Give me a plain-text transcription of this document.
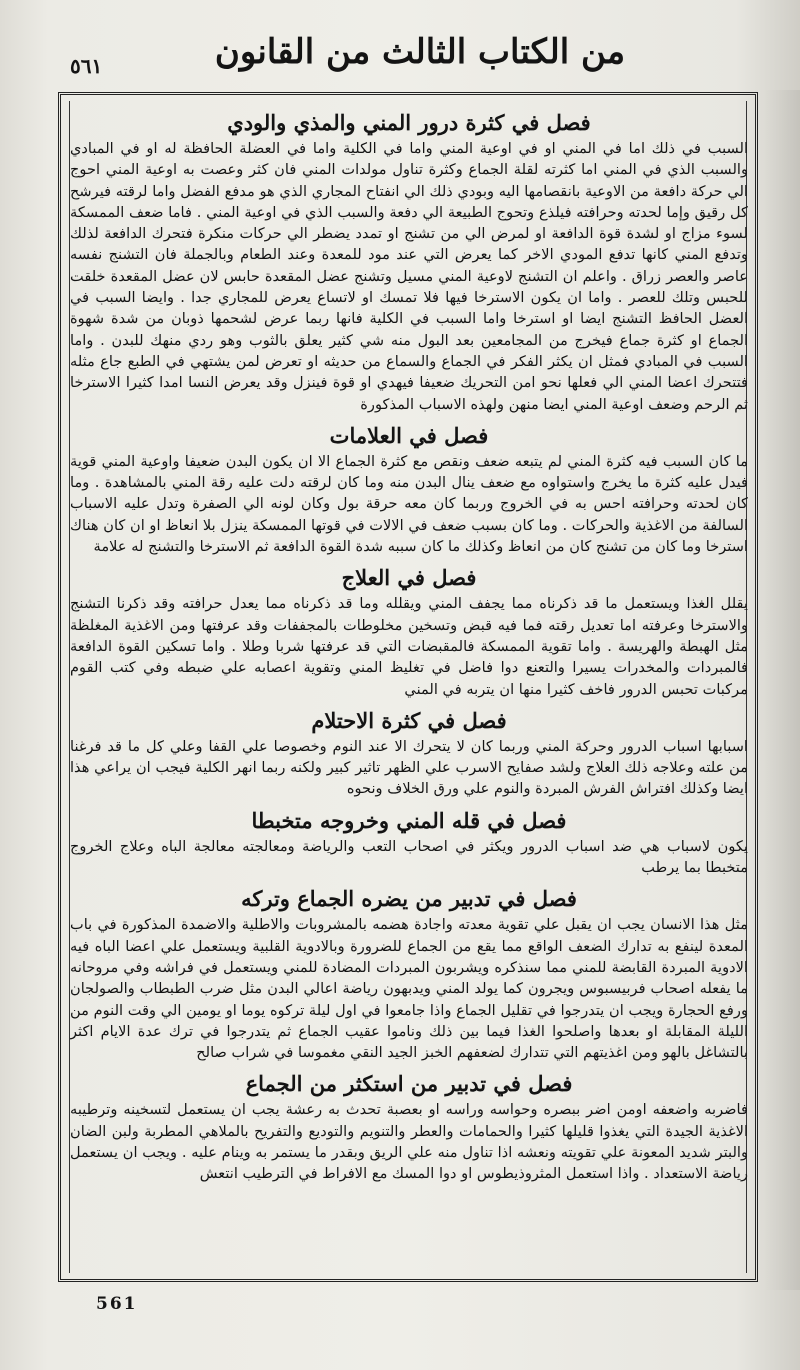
٥٦١	من الكتاب الثالث من القانون
فصل في كثرة درور المني والمذي والودي

السبب في ذلك اما في المني او في اوعية المني واما في الكلية واما في العضلة الحافظة له او في المبادي والسبب الذي في المني اما كثرته لقلة الجماع وكثرة تناول مولدات المني فان كثر وعصت به اوعية المني احوج الي حركة دافعة من الاوعية بانقصامها اليه وبودي ذلك الي انفتاح المجاري الذي هو مدفع الفضل واما لرقته فيرشح كل رقيق وإما لحدته وحرافته فيلذع وتحوج الطبيعة الي دفعة والسبب الذي في اوعية المني . فاما ضعف الممسكة لسوء مزاج او لشدة قوة الدافعة او لمرض الي من تشنج او تمدد يضطر الي حركات منكرة فتحرك الدافعة لذلك وتدفع المني كانها تدفع المودي الاخر كما يعرض التي عند مود للمعدة وعند الطعام وبالجملة فان التشنج نفسه عاصر والعصر زراق . واعلم ان التشنج لاوعية المني مسيل وتشنج عضل المقعدة حابس لان عضل المقعدة خلقت للحبس وتلك للعصر . واما ان يكون الاسترخا فيها فلا تمسك او لاتساع يعرض للمجاري جدا . وايضا السبب في العضل الحافظ التشنج ايضا او استرخا واما السبب في الكلية فانها ربما عرض لشحمها ذوبان من شدة شهوة الجماع او كثرة جماع فيخرج من المجامعين بعد البول منه شي كثير يعلق بالثوب وهو ردي منهك للبدن . واما السبب في المبادي فمثل ان يكثر الفكر في الجماع والسماع من حديثه او تعرض لمن يشتهي في الطبع جاع مثله فتتحرك اعضا المني الي فعلها نحو امن التحريك ضعيفا فيهدي او قوة فينزل وقد يعرض النسا امدا كثيرا الاسترخا ثم الرحم وضعف اوعية المني ايضا منهن ولهذه الاسباب المذكورة

فصل في العلامات

ما كان السبب فيه كثرة المني لم يتبعه ضعف ونقص مع كثرة الجماع الا ان يكون البدن ضعيفا واوعية المني قوية فيدل عليه كثرة ما يخرج واستواوه مع ضعف ينال البدن منه وما كان لرقته دلت عليه رقة المني بالمشاهدة . وما كان لحدته وحرافته احس به في الخروج وربما كان معه حرقة بول وكان لونه الي الصفرة وتدل عليه الاسباب السالفة من الاغذية والحركات . وما كان بسبب ضعف في الالات في قوتها الممسكة ينزل بلا انعاظ او ان كان هناك استرخا وما كان من تشنج كان من انعاظ وكذلك ما كان سببه شدة القوة الدافعة ثم الاسترخا والتشنج له علامة

فصل في العلاج

يقلل الغذا ويستعمل ما قد ذكرناه مما يجفف المني ويقلله وما قد ذكرناه مما يعدل حرافته وقد ذكرنا التشنج والاسترخا وعرفته اما تعديل رقته فما فيه قبض وتسخين مخلوطات بالمجففات وقد عرفتها ومن الاغذية المغلظة مثل الهبطة والهريسة . واما تقوية الممسكة فالمقبضات التي قد عرفتها شربا وطلا . واما تسكين القوة الدافعة فالمبردات والمخدرات يسيرا والتعنع دوا فاضل في تغليظ المني وتقوية اعصابه علي ضبطه وفي كتب القوم مركبات تحبس الدرور فاخف كثيرا منها ان يتربه في المني

فصل في كثرة الاحتلام

اسبابها اسباب الدرور وحركة المني وربما كان لا يتحرك الا عند النوم وخصوصا علي القفا وعلي كل ما قد فرغنا من علته وعلاجه ذلك العلاج ولشد صفايح الاسرب علي الظهر تاثير كبير ولكنه ربما انهر الكلية فيجب ان يراعي هذا ايضا وكذلك افتراش الفرش المبردة والنوم علي ورق الخلاف ونحوه

فصل في قله المني وخروجه متخبطا

يكون لاسباب هي ضد اسباب الدرور ويكثر في اصحاب التعب والرياضة ومعالجته معالجة الباه وعلاج الخروج متخبطا بما يرطب

فصل في تدبير من يضره الجماع وتركه

مثل هذا الانسان يجب ان يقبل علي تقوية معدته واجادة هضمه بالمشروبات والاطلية والاضمدة المذكورة في باب المعدة لينفع به تدارك الضعف الواقع مما يقع من الجماع للضرورة وبالادوية القلبية ويستعمل علي اعضا الباه فيه الادوية المبردة القابضة للمني مما سنذكره ويشربون المبردات المضادة للمني ويستعمل في فراشه وفي مروحانه ما يفعله اصحاب فربيسبوس ويجرون كما يولد المني ويدبهون رياضة اعالي البدن مثل ضرب الطبطاب والصولجان ورفع الحجارة ويجب ان يتدرجوا في تقليل الجماع واذا جامعوا في اول ليلة تركوه يوما او يومين الي وقت النوم من الليلة المقابلة او بعدها واصلحوا الغذا فيما بين ذلك وناموا عقيب الجماع ثم يتدرجوا في ترك عدة الايام اكثر بالتشاغل بالهو ومن اغذيتهم التي تتدارك لضعفهم الخبز الجيد النقي مغموسا في شراب صالح

فصل في تدبير من استكثر من الجماع

فاضربه واضعفه اومن اضر ببصره وحواسه وراسه او بعصبة تحدث به رعشة يجب ان يستعمل لتسخينه وترطيبه الاغذية الجيدة التي يغذوا قليلها كثيرا والحمامات والعطر والتنويم والتوديع والتفريح بالملاهي المطربة ولبن الضان والبتر شديد المعونة علي تقويته ونعشه اذا تناول منه علي الريق وبقدر ما يستمر به وينام عليه . ويجب ان يستعمل رياضة الاستعداد . واذا استعمل المثروذيطوس او دوا المسك مع الافراط في الترطيب انتعش

561
